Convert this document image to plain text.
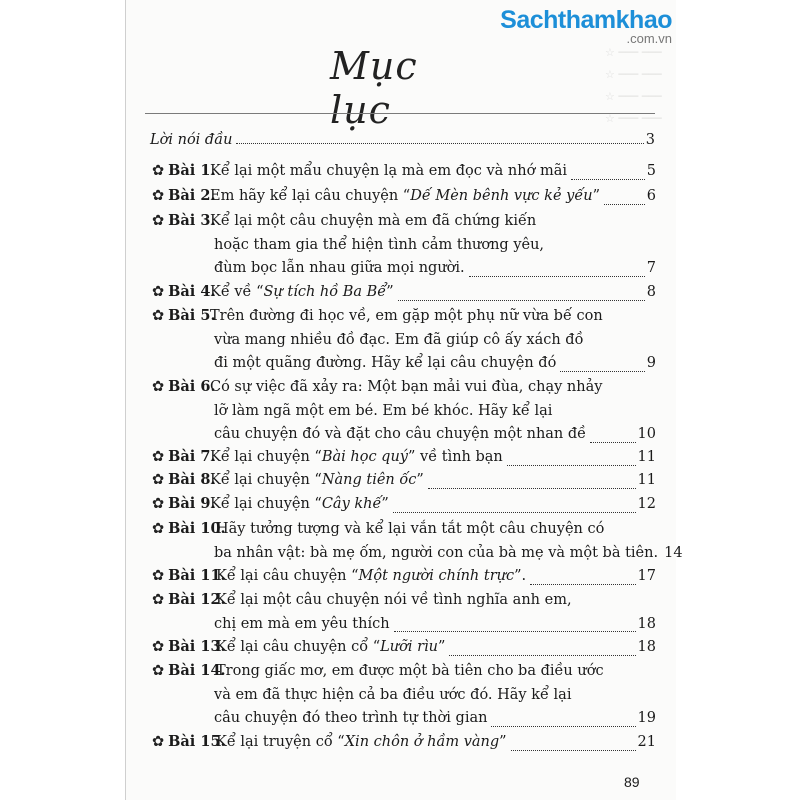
Sachthamkhao
.com.vn
☆ ─── ───
☆ ─── ───
☆ ─── ───
☆ ─── ───
Mục lục
Lời nói đầu	3
✿ Bài 1.
Kể lại một mẩu chuyện lạ mà em đọc và nhớ mãi	5
✿ Bài 2.
Em hãy kể lại câu chuyện “ Dế Mèn bênh vực kẻ yếu ”	6
✿ Bài 3.
Kể lại một câu chuyện mà em đã chứng kiến
hoặc tham gia thể hiện tình cảm thương yêu,
đùm bọc lẫn nhau giữa mọi người.	7
✿ Bài 4.
Kể về “ Sự tích hồ Ba Bể ”	8
✿ Bài 5.
Trên đường đi học về, em gặp một phụ nữ vừa bế con
vừa mang nhiều đồ đạc. Em đã giúp cô ấy xách đồ
đi một quãng đường. Hãy kể lại câu chuyện đó	9
✿ Bài 6.
Có sự việc đã xảy ra: Một bạn mải vui đùa, chạy nhảy
lỡ làm ngã một em bé. Em bé khóc. Hãy kể lại
câu chuyện đó và đặt cho câu chuyện một nhan đề	10
✿ Bài 7.
Kể lại chuyện “ Bài học quý ” về tình bạn	11
✿ Bài 8.
Kể lại chuyện “ Nàng tiên ốc ”	11
✿ Bài 9.
Kể lại chuyện “ Cây khế ”	12
✿ Bài 10.
Hãy tưởng tượng và kể lại vắn tắt một câu chuyện có
ba nhân vật: bà mẹ ốm, người con của bà mẹ và một bà tiên. 14
✿ Bài 11.
Kể lại câu chuyện “ Một người chính trực ”.	17
✿ Bài 12.
Kể lại một câu chuyện nói về tình nghĩa anh em,
chị em mà em yêu thích	18
✿ Bài 13.
Kể lại câu chuyện cổ “ Lưỡi rìu ”	18
✿ Bài 14.
Trong giấc mơ, em được một bà tiên cho ba điều ước
và em đã thực hiện cả ba điều ước đó. Hãy kể lại
câu chuyện đó theo trình tự thời gian	19
✿ Bài 15.
Kể lại truyện cổ “ Xin chôn ở hầm vàng ”	21
89
